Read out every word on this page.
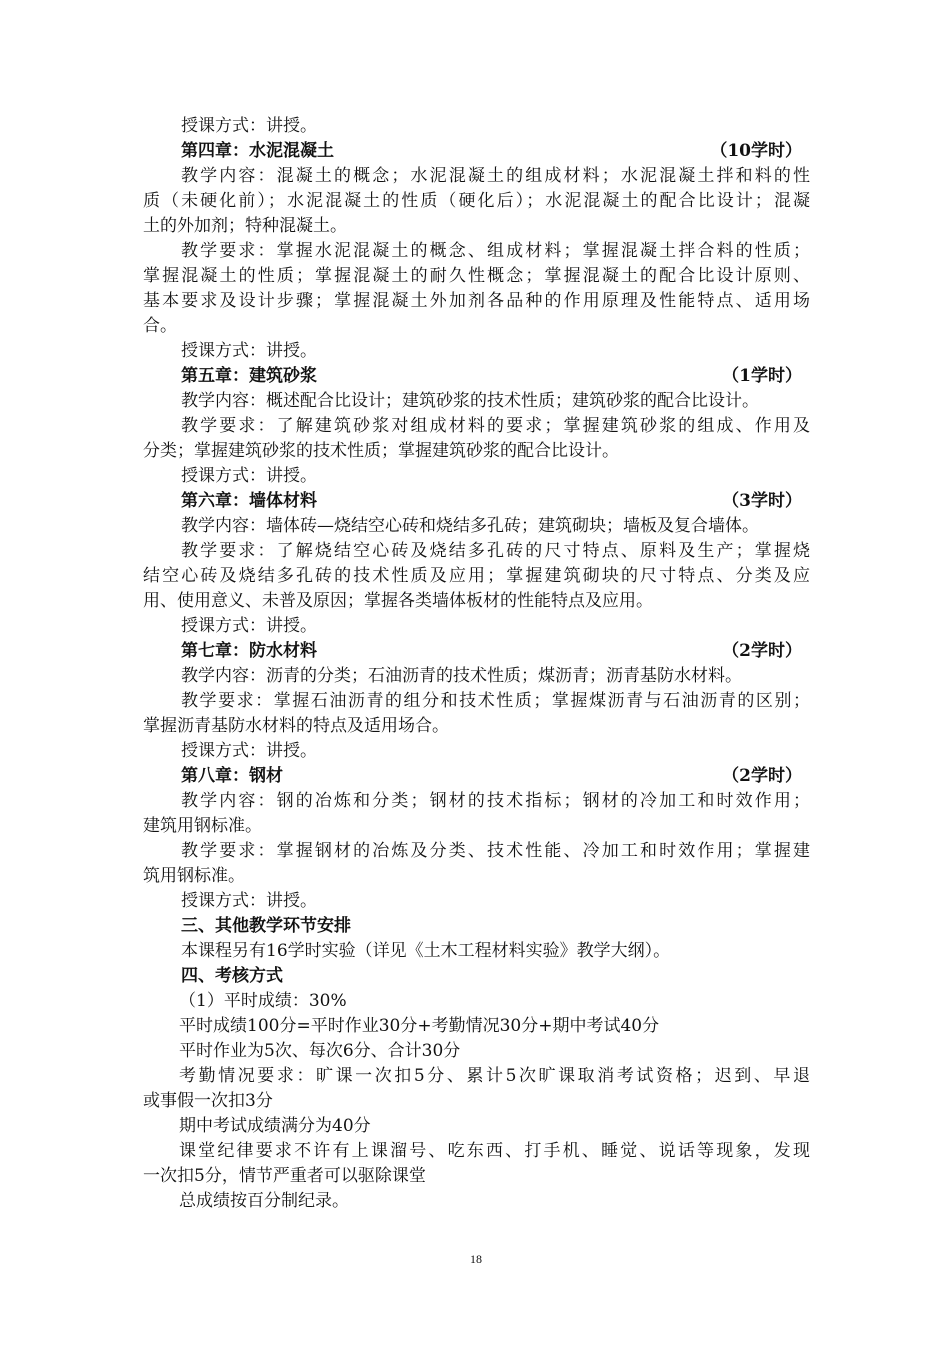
授课方式：讲授。
第四章：水泥混凝土	（10学时）
教学内容：混凝土的概念；水泥混凝土的组成材料；水泥混凝土拌和料的性
质（未硬化前）；水泥混凝土的性质（硬化后）；水泥混凝土的配合比设计；混凝
土的外加剂；特种混凝土。
教学要求：掌握水泥混凝土的概念、组成材料；掌握混凝土拌合料的性质；
掌握混凝土的性质；掌握混凝土的耐久性概念；掌握混凝土的配合比设计原则、
基本要求及设计步骤；掌握混凝土外加剂各品种的作用原理及性能特点、适用场
合。
授课方式：讲授。
第五章：建筑砂浆	（1学时）
教学内容：概述配合比设计；建筑砂浆的技术性质；建筑砂浆的配合比设计。
教学要求：了解建筑砂浆对组成材料的要求；掌握建筑砂浆的组成、作用及
分类；掌握建筑砂浆的技术性质；掌握建筑砂浆的配合比设计。
授课方式：讲授。
第六章：墙体材料	（3学时）
教学内容：墙体砖—烧结空心砖和烧结多孔砖；建筑砌块；墙板及复合墙体。
教学要求：了解烧结空心砖及烧结多孔砖的尺寸特点、原料及生产；掌握烧
结空心砖及烧结多孔砖的技术性质及应用；掌握建筑砌块的尺寸特点、分类及应
用、使用意义、未普及原因；掌握各类墙体板材的性能特点及应用。
授课方式：讲授。
第七章：防水材料	（2学时）
教学内容：沥青的分类；石油沥青的技术性质；煤沥青；沥青基防水材料。
教学要求：掌握石油沥青的组分和技术性质；掌握煤沥青与石油沥青的区别；
掌握沥青基防水材料的特点及适用场合。
授课方式：讲授。
第八章：钢材	（2学时）
教学内容：钢的冶炼和分类；钢材的技术指标；钢材的冷加工和时效作用；
建筑用钢标准。
教学要求：掌握钢材的冶炼及分类、技术性能、冷加工和时效作用；掌握建
筑用钢标准。
授课方式：讲授。
三、其他教学环节安排
本课程另有16学时实验（详见《土木工程材料实验》教学大纲）。
四、考核方式
（1）平时成绩：30%
平时成绩100分=平时作业30分+考勤情况30分+期中考试40分
平时作业为5次、每次6分、合计30分
考勤情况要求：旷课一次扣5分、累计5次旷课取消考试资格；迟到、早退
或事假一次扣3分
期中考试成绩满分为40分
课堂纪律要求不许有上课溜号、吃东西、打手机、睡觉、说话等现象，发现
一次扣5分，情节严重者可以驱除课堂
总成绩按百分制纪录。
18
